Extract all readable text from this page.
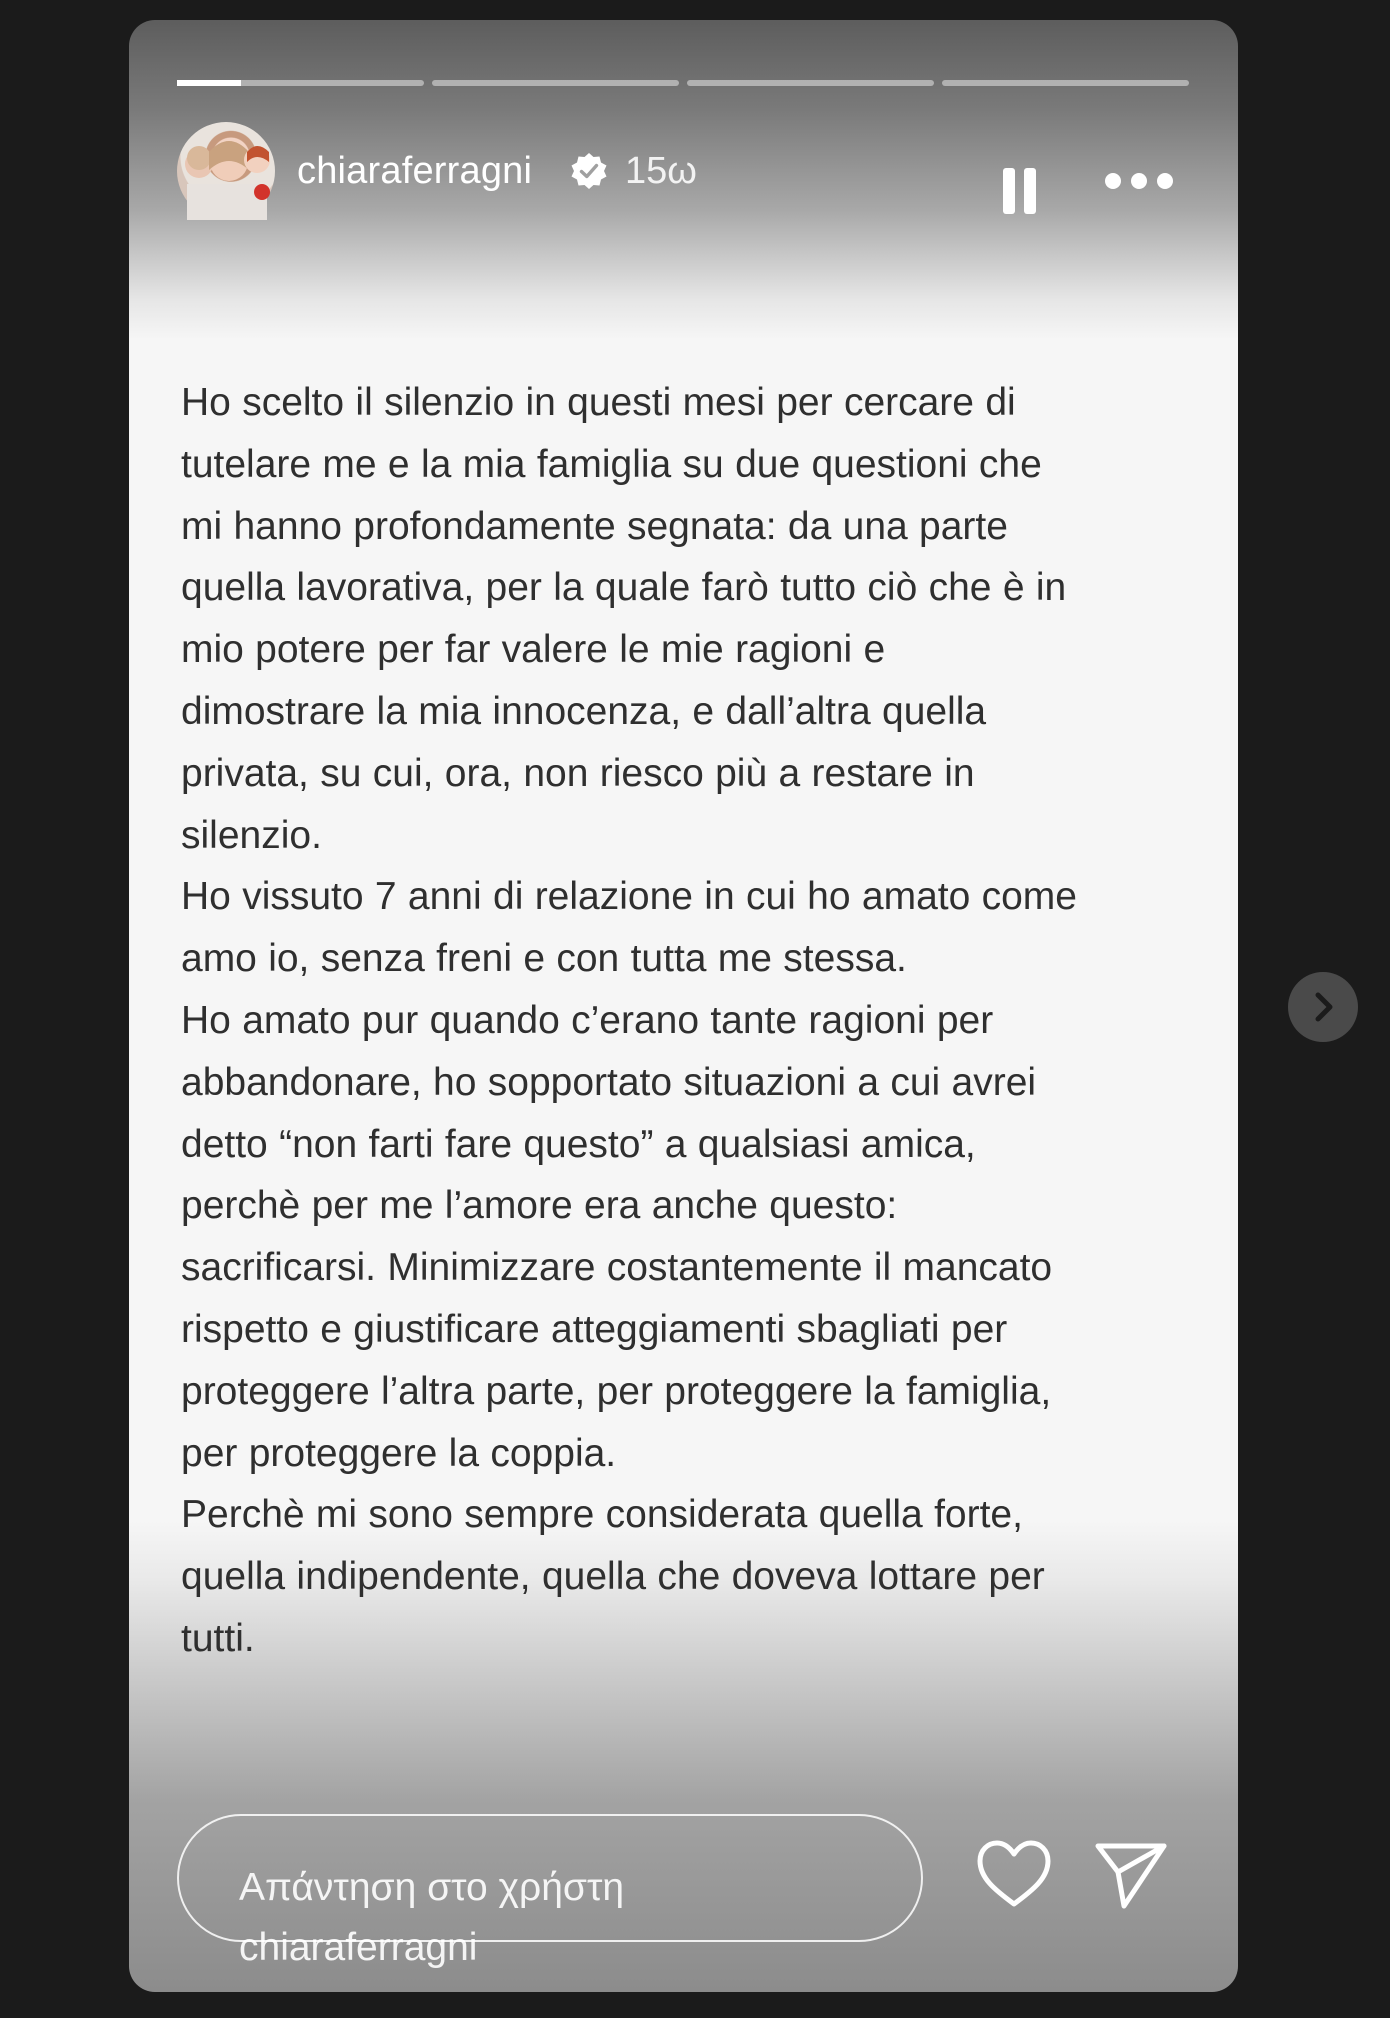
chiaraferragni 15ω

Ho scelto il silenzio in questi mesi per cercare di
tutelare me e la mia famiglia su due questioni che
mi hanno profondamente segnata: da una parte
quella lavorativa, per la quale farò tutto ciò che è in
mio potere per far valere le mie ragioni e
dimostrare la mia innocenza, e dall’altra quella
privata, su cui, ora, non riesco più a restare in
silenzio.
Ho vissuto 7 anni di relazione in cui ho amato come
amo io, senza freni e con tutta me stessa.
Ho amato pur quando c’erano tante ragioni per
abbandonare, ho sopportato situazioni a cui avrei
detto “non farti fare questo” a qualsiasi amica,
perchè per me l’amore era anche questo:
sacrificarsi. Minimizzare costantemente il mancato
rispetto e giustificare atteggiamenti sbagliati per
proteggere l’altra parte, per proteggere la famiglia,
per proteggere la coppia.
Perchè mi sono sempre considerata quella forte,
quella indipendente, quella che doveva lottare per
tutti.

Απάντηση στο χρήστη chiaraferragni
